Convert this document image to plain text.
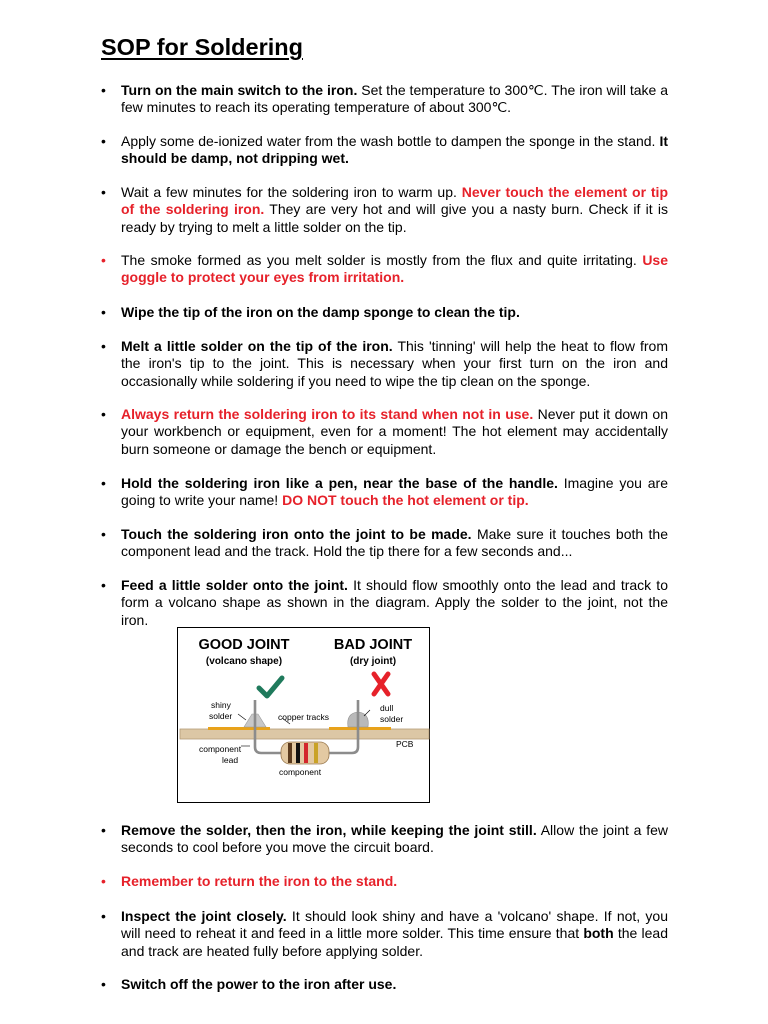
SOP for Soldering
• Turn on the main switch to the iron. Set the temperature to 300℃. The iron will take a few minutes to reach its operating temperature of about 300℃.
• Apply some de-ionized water from the wash bottle to dampen the sponge in the stand. It should be damp, not dripping wet.
• Wait a few minutes for the soldering iron to warm up. Never touch the element or tip of the soldering iron. They are very hot and will give you a nasty burn. Check if it is ready by trying to melt a little solder on the tip.
• The smoke formed as you melt solder is mostly from the flux and quite irritating. Use goggle to protect your eyes from irritation.
• Wipe the tip of the iron on the damp sponge to clean the tip.
• Melt a little solder on the tip of the iron. This 'tinning' will help the heat to flow from the iron's tip to the joint. This is necessary when your first turn on the iron and occasionally while soldering if you need to wipe the tip clean on the sponge.
• Always return the soldering iron to its stand when not in use. Never put it down on your workbench or equipment, even for a moment! The hot element may accidentally burn someone or damage the bench or equipment.
• Hold the soldering iron like a pen, near the base of the handle. Imagine you are going to write your name! DO NOT touch the hot element or tip.
• Touch the soldering iron onto the joint to be made. Make sure it touches both the component lead and the track. Hold the tip there for a few seconds and...
• Feed a little solder onto the joint. It should flow smoothly onto the lead and track to form a volcano shape as shown in the diagram. Apply the solder to the joint, not the iron.
• Remove the solder, then the iron, while keeping the joint still. Allow the joint a few seconds to cool before you move the circuit board.
• Remember to return the iron to the stand.
• Inspect the joint closely. It should look shiny and have a 'volcano' shape. If not, you will need to reheat it and feed in a little more solder. This time ensure that both the lead and track are heated fully before applying solder.
• Switch off the power to the iron after use.
GOOD JOINT
(volcano shape)
BAD JOINT
(dry joint)
shiny
solder	copper tracks
dull
solder
PCB
component
lead
component
